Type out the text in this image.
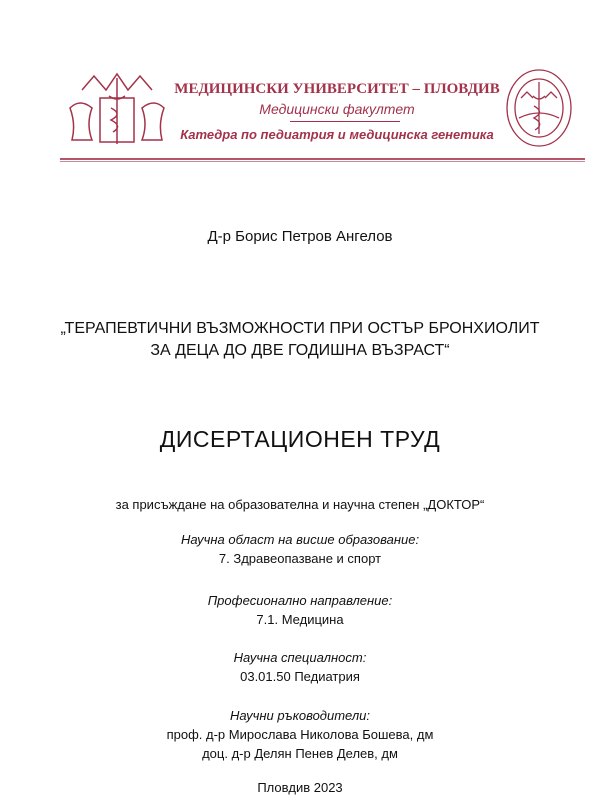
МЕДИЦИНСКИ УНИВЕРСИТЕТ – ПЛОВДИВ
Медицински факултет
Катедра по педиатрия и медицинска генетика
Д-р Борис Петров Ангелов
„ТЕРАПЕВТИЧНИ ВЪЗМОЖНОСТИ ПРИ ОСТЪР БРОНХИОЛИТ
ЗА ДЕЦА ДО ДВЕ ГОДИШНА ВЪЗРАСТ“
ДИСЕРТАЦИОНЕН ТРУД
за присъждане на образователна и научна степен „ДОКТОР“
Научна област на висше образование:
7. Здравеопазване и спорт
Професионално направление:
7.1. Медицина
Научна специалност:
03.01.50 Педиатрия
Научни ръководители:
проф. д-р Мирослава Николова Бошева, дм
доц. д-р Делян Пенев Делев, дм
Пловдив 2023
